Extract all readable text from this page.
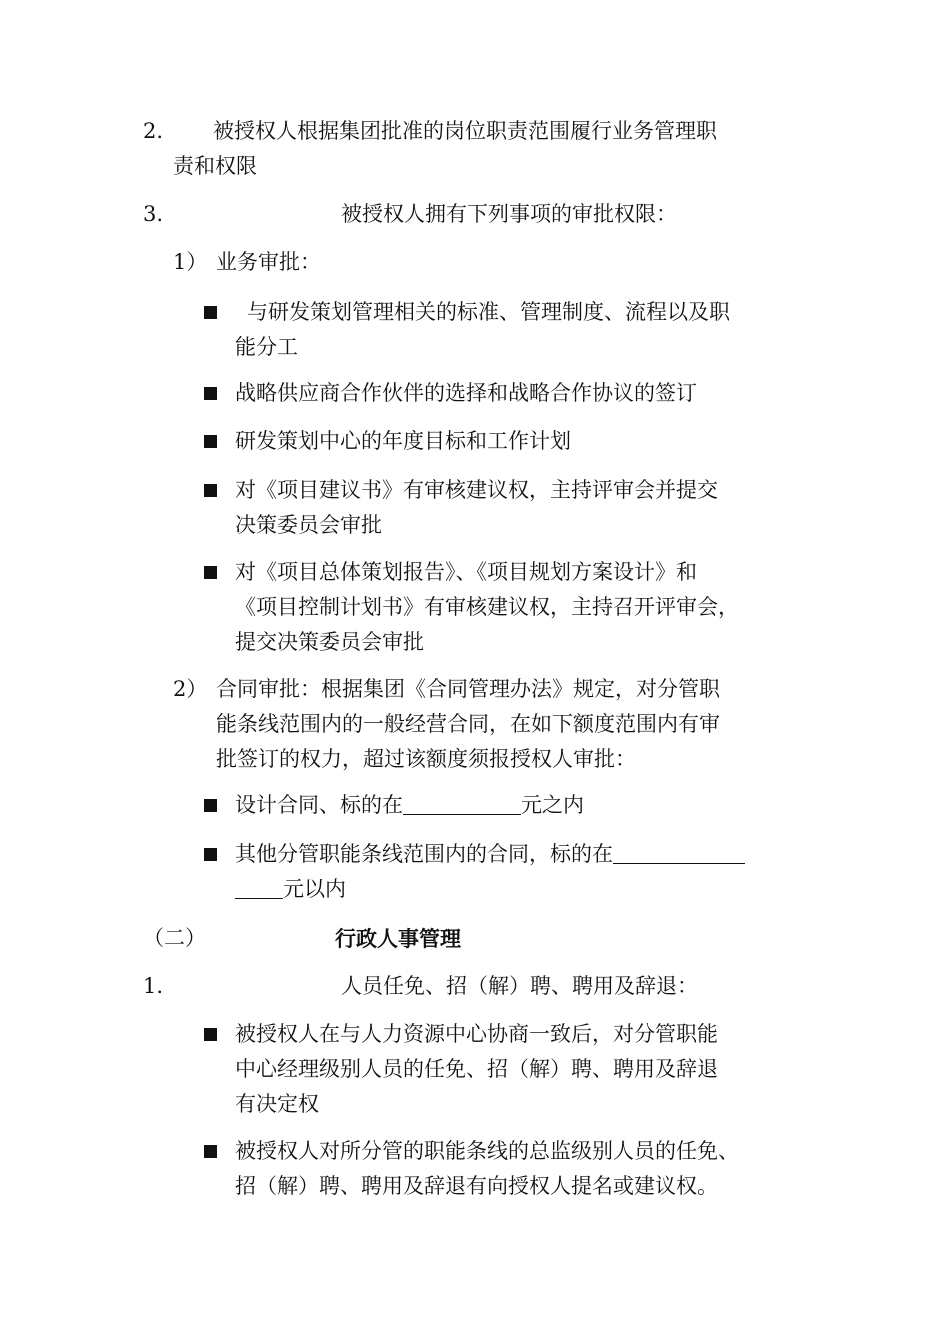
2. 被授权人根据集团批准的岗位职责范围履行业务管理职
责和权限
3.	被授权人拥有下列事项的审批权限：
1） 业务审批：
与研发策划管理相关的标准、管理制度、流程以及职
能分工
战略供应商合作伙伴的选择和战略合作协议的签订
研发策划中心的年度目标和工作计划
对《项目建议书》有审核建议权，主持评审会并提交
决策委员会审批
对《项目总体策划报告》、《项目规划方案设计》和
《项目控制计划书》有审核建议权，主持召开评审会，
提交决策委员会审批
2） 合同审批：根据集团《合同管理办法》规定，对分管职
能条线范围内的一般经营合同，在如下额度范围内有审
批签订的权力，超过该额度须报授权人审批：
设计合同、标的在	元之内
其他分管职能条线范围内的合同，标的在
元以内
（二）	行政人事管理
1.	人员任免、招（解）聘、聘用及辞退：
被授权人在与人力资源中心协商一致后，对分管职能
中心经理级别人员的任免、招（解）聘、聘用及辞退
有决定权
被授权人对所分管的职能条线的总监级别人员的任免、
招（解）聘、聘用及辞退有向授权人提名或建议权。
